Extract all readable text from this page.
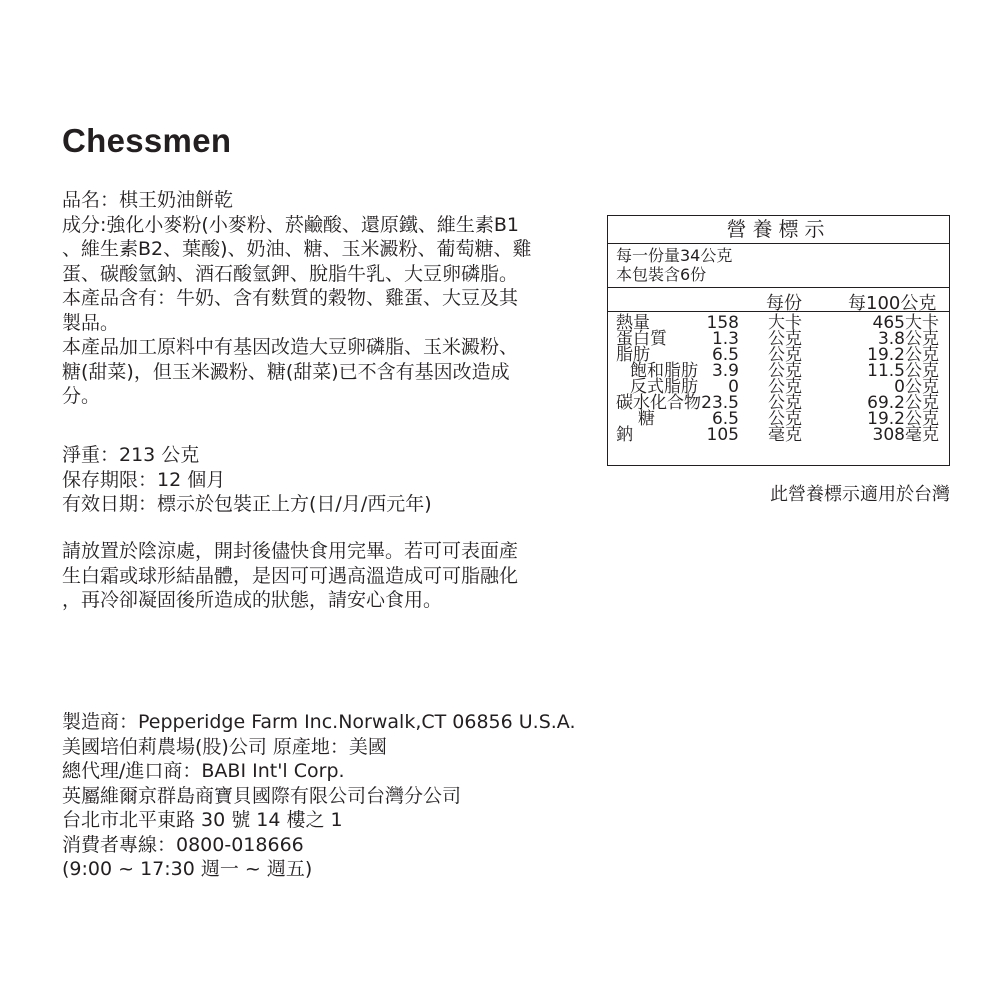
Chessmen
品名：棋王奶油餅乾
成分:強化小麥粉(小麥粉、菸鹼酸、還原鐵、維生素B1
、維生素B2、葉酸)、奶油、糖、玉米澱粉、葡萄糖、雞
蛋、碳酸氫鈉、酒石酸氫鉀、脫脂牛乳、大豆卵磷脂。
本產品含有：牛奶、含有麩質的穀物、雞蛋、大豆及其
製品。
本產品加工原料中有基因改造大豆卵磷脂、玉米澱粉、
糖(甜菜)，但玉米澱粉、糖(甜菜)已不含有基因改造成
分。
淨重：213 公克
保存期限：12 個月
有效日期：標示於包裝正上方(日/月/西元年)
請放置於陰涼處，開封後儘快食用完畢。若可可表面產
生白霜或球形結晶體，是因可可遇高溫造成可可脂融化
，再冷卻凝固後所造成的狀態，請安心食用。
製造商：Pepperidge Farm Inc.Norwalk,CT 06856 U.S.A.
美國培伯莉農場(股)公司 原產地：美國
總代理/進口商：BABI Int'l Corp.
英屬維爾京群島商寶貝國際有限公司台灣分公司
台北市北平東路 30 號 14 樓之 1
消費者專線：0800-018666
(9:00 ~ 17:30 週一 ~ 週五)
營養標示
每一份量34公克
本包裝含6份
每份	每100公克
熱量	158 大卡	465 大卡
蛋白質	1.3 公克	3.8 公克
脂肪	6.5 公克	19.2 公克
飽和脂肪 3.9 公克	11.5 公克
反式脂肪 0 公克	0 公克
碳水化合物 23.5 公克	69.2 公克
糖	6.5 公克	19.2 公克
鈉	105 毫克	308 毫克
此營養標示適用於台灣
